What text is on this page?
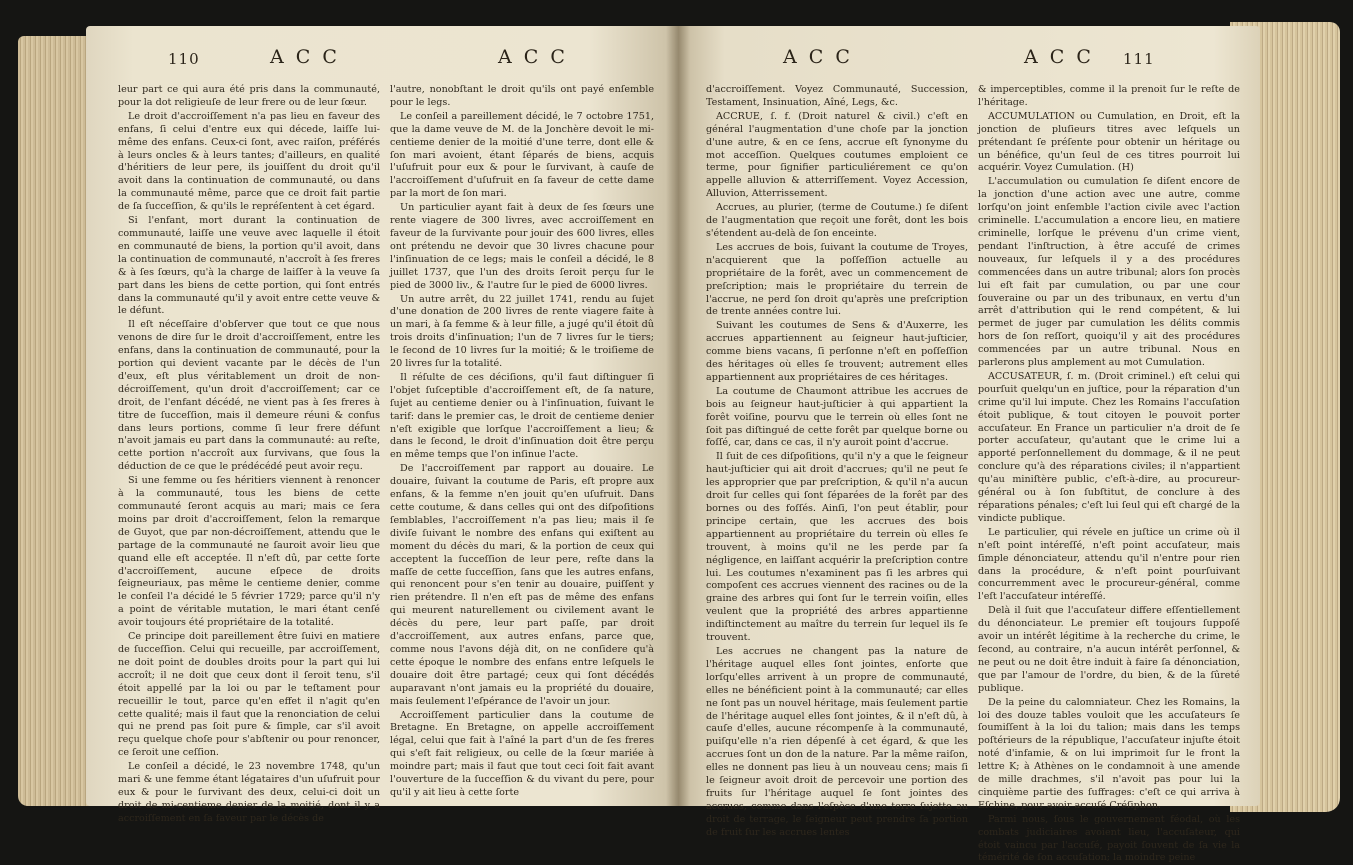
110	A C C	A C C	A C C	A C C 111

leur part ce qui aura été pris dans la communauté, pour la dot religieuſe de leur frere ou de leur ſœur.

Le droit d'accroiſſement n'a pas lieu en faveur des enfans, ſi celui d'entre eux qui décede, laiſſe lui-même des enfans. Ceux-ci ſont, avec raiſon, préférés à leurs oncles & à leurs tantes; d'ailleurs, en qualité d'héritiers de leur pere, ils jouiſſent du droit qu'il avoit dans la continuation de communauté, ou dans la communauté même, parce que ce droit fait partie de ſa ſucceſſion, & qu'ils le repréſentent à cet égard.

Si l'enfant, mort durant la continuation de communauté, laiſſe une veuve avec laquelle il étoit en communauté de biens, la portion qu'il avoit, dans la continuation de communauté, n'accroît à ſes freres & à ſes ſœurs, qu'à la charge de laiſſer à la veuve ſa part dans les biens de cette portion, qui ſont entrés dans la communauté qu'il y avoit entre cette veuve & le défunt.

Il eſt néceſſaire d'obſerver que tout ce que nous venons de dire ſur le droit d'accroiſſement, entre les enfans, dans la continuation de communauté, pour la portion qui devient vacante par le décès de l'un d'eux, eſt plus véritablement un droit de non-décroiſſement, qu'un droit d'accroiſſement; car ce droit, de l'enfant décédé, ne vient pas à ſes freres à titre de ſucceſſion, mais il demeure réuni & confus dans leurs portions, comme ſi leur frere défunt n'avoit jamais eu part dans la communauté: au reſte, cette portion n'accroît aux ſurvivans, que ſous la déduction de ce que le prédécédé peut avoir reçu.

Si une femme ou ſes héritiers viennent à renoncer à la communauté, tous les biens de cette communauté ſeront acquis au mari; mais ce ſera moins par droit d'accroiſſement, ſelon la remarque de Guyot, que par non-décroiſſement, attendu que le partage de la communauté ne ſauroit avoir lieu que quand elle eſt acceptée. Il n'eſt dû, par cette ſorte d'accroiſſement, aucune eſpece de droits ſeigneuriaux, pas même le centieme denier, comme le conſeil l'a décidé le 5 février 1729; parce qu'il n'y a point de véritable mutation, le mari étant cenſé avoir toujours été propriétaire de la totalité.

Ce principe doit pareillement être ſuivi en matiere de ſucceſſion. Celui qui recueille, par accroiſſement, ne doit point de doubles droits pour la part qui lui accroît; il ne doit que ceux dont il ſeroit tenu, s'il étoit appellé par la loi ou par le teſtament pour recueillir le tout, parce qu'en effet il n'agit qu'en cette qualité; mais il faut que la renonciation de celui qui ne prend pas ſoit pure & ſimple, car s'il avoit reçu quelque choſe pour s'abſtenir ou pour renoncer, ce ſeroit une ceſſion.

Le conſeil a décidé, le 23 novembre 1748, qu'un mari & une femme étant légataires d'un uſufruit pour eux & pour le ſurvivant des deux, celui-ci doit un droit de mi-centieme denier de la moitié, dont il y a accroiſſement en ſa faveur par le décès de

l'autre, nonobſtant le droit qu'ils ont payé enſemble pour le legs.

Le conſeil a pareillement décidé, le 7 octobre 1751, que la dame veuve de M. de la Jonchère devoit le mi-centieme denier de la moitié d'une terre, dont elle & ſon mari avoient, étant ſéparés de biens, acquis l'uſufruit pour eux & pour le ſurvivant, à cauſe de l'accroiſſement d'uſufruit en ſa faveur de cette dame par la mort de ſon mari.

Un particulier ayant fait à deux de ſes ſœurs une rente viagere de 300 livres, avec accroiſſement en faveur de la ſurvivante pour jouir des 600 livres, elles ont prétendu ne devoir que 30 livres chacune pour l'inſinuation de ce legs; mais le conſeil a décidé, le 8 juillet 1737, que l'un des droits ſeroit perçu ſur le pied de 3000 liv., & l'autre ſur le pied de 6000 livres.

Un autre arrêt, du 22 juillet 1741, rendu au ſujet d'une donation de 200 livres de rente viagere faite à un mari, à ſa femme & à leur fille, a jugé qu'il étoit dû trois droits d'inſinuation; l'un de 7 livres ſur le tiers; le ſecond de 10 livres ſur la moitié; & le troiſieme de 20 livres ſur la totalité.

Il réſulte de ces déciſions, qu'il faut diſtinguer ſi l'objet ſuſceptible d'accroiſſement eſt, de ſa nature, ſujet au centieme denier ou à l'inſinuation, ſuivant le tarif: dans le premier cas, le droit de centieme denier n'eſt exigible que lorſque l'accroiſſement a lieu; & dans le ſecond, le droit d'inſinuation doit être perçu en même temps que l'on inſinue l'acte.

De l'accroiſſement par rapport au douaire. Le douaire, ſuivant la coutume de Paris, eſt propre aux enfans, & la femme n'en jouit qu'en uſufruit. Dans cette coutume, & dans celles qui ont des diſpoſitions ſemblables, l'accroiſſement n'a pas lieu; mais il ſe diviſe ſuivant le nombre des enfans qui exiſtent au moment du décès du mari, & la portion de ceux qui acceptent la ſucceſſion de leur pere, reſte dans la maſſe de cette ſucceſſion, ſans que les autres enfans, qui renoncent pour s'en tenir au douaire, puiſſent y rien prétendre. Il n'en eſt pas de même des enfans qui meurent naturellement ou civilement avant le décès du pere, leur part paſſe, par droit d'accroiſſement, aux autres enfans, parce que, comme nous l'avons déjà dit, on ne conſidere qu'à cette époque le nombre des enfans entre leſquels le douaire doit être partagé; ceux qui ſont décédés auparavant n'ont jamais eu la propriété du douaire, mais ſeulement l'eſpérance de l'avoir un jour.

Accroiſſement particulier dans la coutume de Bretagne. En Bretagne, on appelle accroiſſement légal, celui que fait à l'aîné la part d'un de ſes freres qui s'eſt fait religieux, ou celle de la ſœur mariée à moindre part; mais il faut que tout ceci ſoit fait avant l'ouverture de la ſucceſſion & du vivant du pere, pour qu'il y ait lieu à cette ſorte

d'accroiſſement. Voyez Communauté, Succession, Testament, Insinuation, Aîné, Legs, &c.

ACCRUE, ſ. f. (Droit naturel & civil.) c'eſt en général l'augmentation d'une choſe par la jonction d'une autre, & en ce ſens, accrue eſt ſynonyme du mot acceſſion. Quelques coutumes emploient ce terme, pour ſignifier particuliérement ce qu'on appelle alluvion & atterriſſement. Voyez Accession, Alluvion, Atterrissement.

Accrues, au plurier, (terme de Coutume.) ſe diſent de l'augmentation que reçoit une forêt, dont les bois s'étendent au-delà de ſon enceinte.

Les accrues de bois, ſuivant la coutume de Troyes, n'acquierent que la poſſeſſion actuelle au propriétaire de la forêt, avec un commencement de preſcription; mais le propriétaire du terrein de l'accrue, ne perd ſon droit qu'après une preſcription de trente années contre lui.

Suivant les coutumes de Sens & d'Auxerre, les accrues appartiennent au ſeigneur haut-juſticier, comme biens vacans, ſi perſonne n'eſt en poſſeſſion des héritages où elles ſe trouvent; autrement elles appartiennent aux propriétaires de ces héritages.

La coutume de Chaumont attribue les accrues de bois au ſeigneur haut-juſticier à qui appartient la forêt voiſine, pourvu que le terrein où elles ſont ne ſoit pas diſtingué de cette forêt par quelque borne ou foſſé, car, dans ce cas, il n'y auroit point d'accrue.

Il ſuit de ces diſpoſitions, qu'il n'y a que le ſeigneur haut-juſticier qui ait droit d'accrues; qu'il ne peut ſe les approprier que par preſcription, & qu'il n'a aucun droit ſur celles qui ſont ſéparées de la forêt par des bornes ou des foſſés. Ainſi, l'on peut établir, pour principe certain, que les accrues des bois appartiennent au propriétaire du terrein où elles ſe trouvent, à moins qu'il ne les perde par ſa négligence, en laiſſant acquérir la preſcription contre lui. Les coutumes n'examinent pas ſi les arbres qui compoſent ces accrues viennent des racines ou de la graine des arbres qui ſont ſur le terrein voiſin, elles veulent que la propriété des arbres appartienne indiſtinctement au maître du terrein ſur lequel ils ſe trouvent.

Les accrues ne changent pas la nature de l'héritage auquel elles ſont jointes, enſorte que lorſqu'elles arrivent à un propre de communauté, elles ne bénéficient point à la communauté; car elles ne ſont pas un nouvel héritage, mais ſeulement partie de l'héritage auquel elles ſont jointes, & il n'eſt dû, à cauſe d'elles, aucune récompenſe à la communauté, puiſqu'elle n'a rien dépenſé à cet égard, & que les accrues ſont un don de la nature. Par la même raiſon, elles ne donnent pas lieu à un nouveau cens; mais ſi le ſeigneur avoit droit de percevoir une portion des fruits ſur l'héritage auquel ſe ſont jointes des accrues, comme dans l'eſpèce d'une terre ſujette au droit de terrage, le ſeigneur peut prendre ſa portion de fruit ſur les accrues lentes

& imperceptibles, comme il la prenoit ſur le reſte de l'héritage.

ACCUMULATION ou Cumulation, en Droit, eſt la jonction de pluſieurs titres avec leſquels un prétendant ſe préſente pour obtenir un héritage ou un bénéfice, qu'un ſeul de ces titres pourroit lui acquérir. Voyez Cumulation. (H)

L'accumulation ou cumulation ſe diſent encore de la jonction d'une action avec une autre, comme lorſqu'on joint enſemble l'action civile avec l'action criminelle. L'accumulation a encore lieu, en matiere criminelle, lorſque le prévenu d'un crime vient, pendant l'inſtruction, à être accuſé de crimes nouveaux, ſur leſquels il y a des procédures commencées dans un autre tribunal; alors ſon procès lui eſt fait par cumulation, ou par une cour ſouveraine ou par un des tribunaux, en vertu d'un arrêt d'attribution qui le rend compétent, & lui permet de juger par cumulation les délits commis hors de ſon reſſort, quoiqu'il y ait des procédures commencées par un autre tribunal. Nous en parlerons plus amplement au mot Cumulation.

ACCUSATEUR, ſ. m. (Droit criminel.) eſt celui qui pourſuit quelqu'un en juſtice, pour la réparation d'un crime qu'il lui impute. Chez les Romains l'accuſation étoit publique, & tout citoyen le pouvoit porter accuſateur. En France un particulier n'a droit de ſe porter accuſateur, qu'autant que le crime lui a apporté perſonnellement du dommage, & il ne peut conclure qu'à des réparations civiles; il n'appartient qu'au miniſtère public, c'eſt-à-dire, au procureur-général ou à ſon ſubſtitut, de conclure à des réparations pénales; c'eſt lui ſeul qui eſt chargé de la vindicte publique.

Le particulier, qui révele en juſtice un crime où il n'eſt point intéreſſé, n'eſt point accuſateur, mais ſimple dénonciateur, attendu qu'il n'entre pour rien dans la procédure, & n'eſt point pourſuivant concurremment avec le procureur-général, comme l'eſt l'accuſateur intéreſſé.

Delà il ſuit que l'accuſateur differe eſſentiellement du dénonciateur. Le premier eſt toujours ſuppoſé avoir un intérêt légitime à la recherche du crime, le ſecond, au contraire, n'a aucun intérêt perſonnel, & ne peut ou ne doit être induit à faire ſa dénonciation, que par l'amour de l'ordre, du bien, & de la ſûreté publique.

De la peine du calomniateur. Chez les Romains, la loi des douze tables vouloit que les accuſateurs ſe ſoumiſſent à la loi du talion; mais dans les temps poſtérieurs de la république, l'accuſateur injuſte étoit noté d'infamie, & on lui imprimoit ſur le front la lettre K; à Athènes on le condamnoit à une amende de mille drachmes, s'il n'avoit pas pour lui la cinquième partie des ſuffrages: c'eſt ce qui arriva à Eſchine, pour avoir accuſé Créſiphon.

Parmi nous, ſous le gouvernement féodal, où les combats judiciaires avoient lieu, l'accuſateur, qui étoit vaincu par l'accuſé, payoit ſouvent de ſa vie la témérité de ſon accuſation; la moindre peine
